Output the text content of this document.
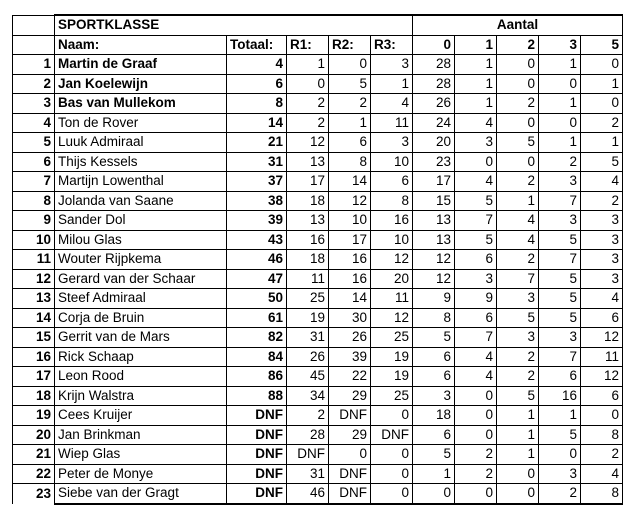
	SPORTKLASSE					Aantal				
	Naam:	Totaal:	R1:	R2:	R3:	0	1	2	3	5
1	Martin de Graaf	4	1	0	3	28	1	0	1	0
2	Jan Koelewijn	6	0	5	1	28	1	0	0	1
3	Bas van Mullekom	8	2	2	4	26	1	2	1	0
4	Ton de Rover	14	2	1	11	24	4	0	0	2
5	Luuk Admiraal	21	12	6	3	20	3	5	1	1
6	Thijs Kessels	31	13	8	10	23	0	0	2	5
7	Martijn Lowenthal	37	17	14	6	17	4	2	3	4
8	Jolanda van Saane	38	18	12	8	15	5	1	7	2
9	Sander Dol	39	13	10	16	13	7	4	3	3
10	Milou Glas	43	16	17	10	13	5	4	5	3
11	Wouter Rijpkema	46	18	16	12	12	6	2	7	3
12	Gerard van der Schaar	47	11	16	20	12	3	7	5	3
13	Steef Admiraal	50	25	14	11	9	9	3	5	4
14	Corja de Bruin	61	19	30	12	8	6	5	5	6
15	Gerrit van de Mars	82	31	26	25	5	7	3	3	12
16	Rick Schaap	84	26	39	19	6	4	2	7	11
17	Leon Rood	86	45	22	19	6	4	2	6	12
18	Krijn Walstra	88	34	29	25	3	0	5	16	6
19	Cees Kruijer	DNF	2	DNF	0	18	0	1	1	0
20	Jan Brinkman	DNF	28	29	DNF	6	0	1	5	8
21	Wiep Glas	DNF	DNF	0	0	5	2	1	0	2
22	Peter de Monye	DNF	31	DNF	0	1	2	0	3	4
23	Siebe van der Gragt	DNF	46	DNF	0	0	0	0	2	8
